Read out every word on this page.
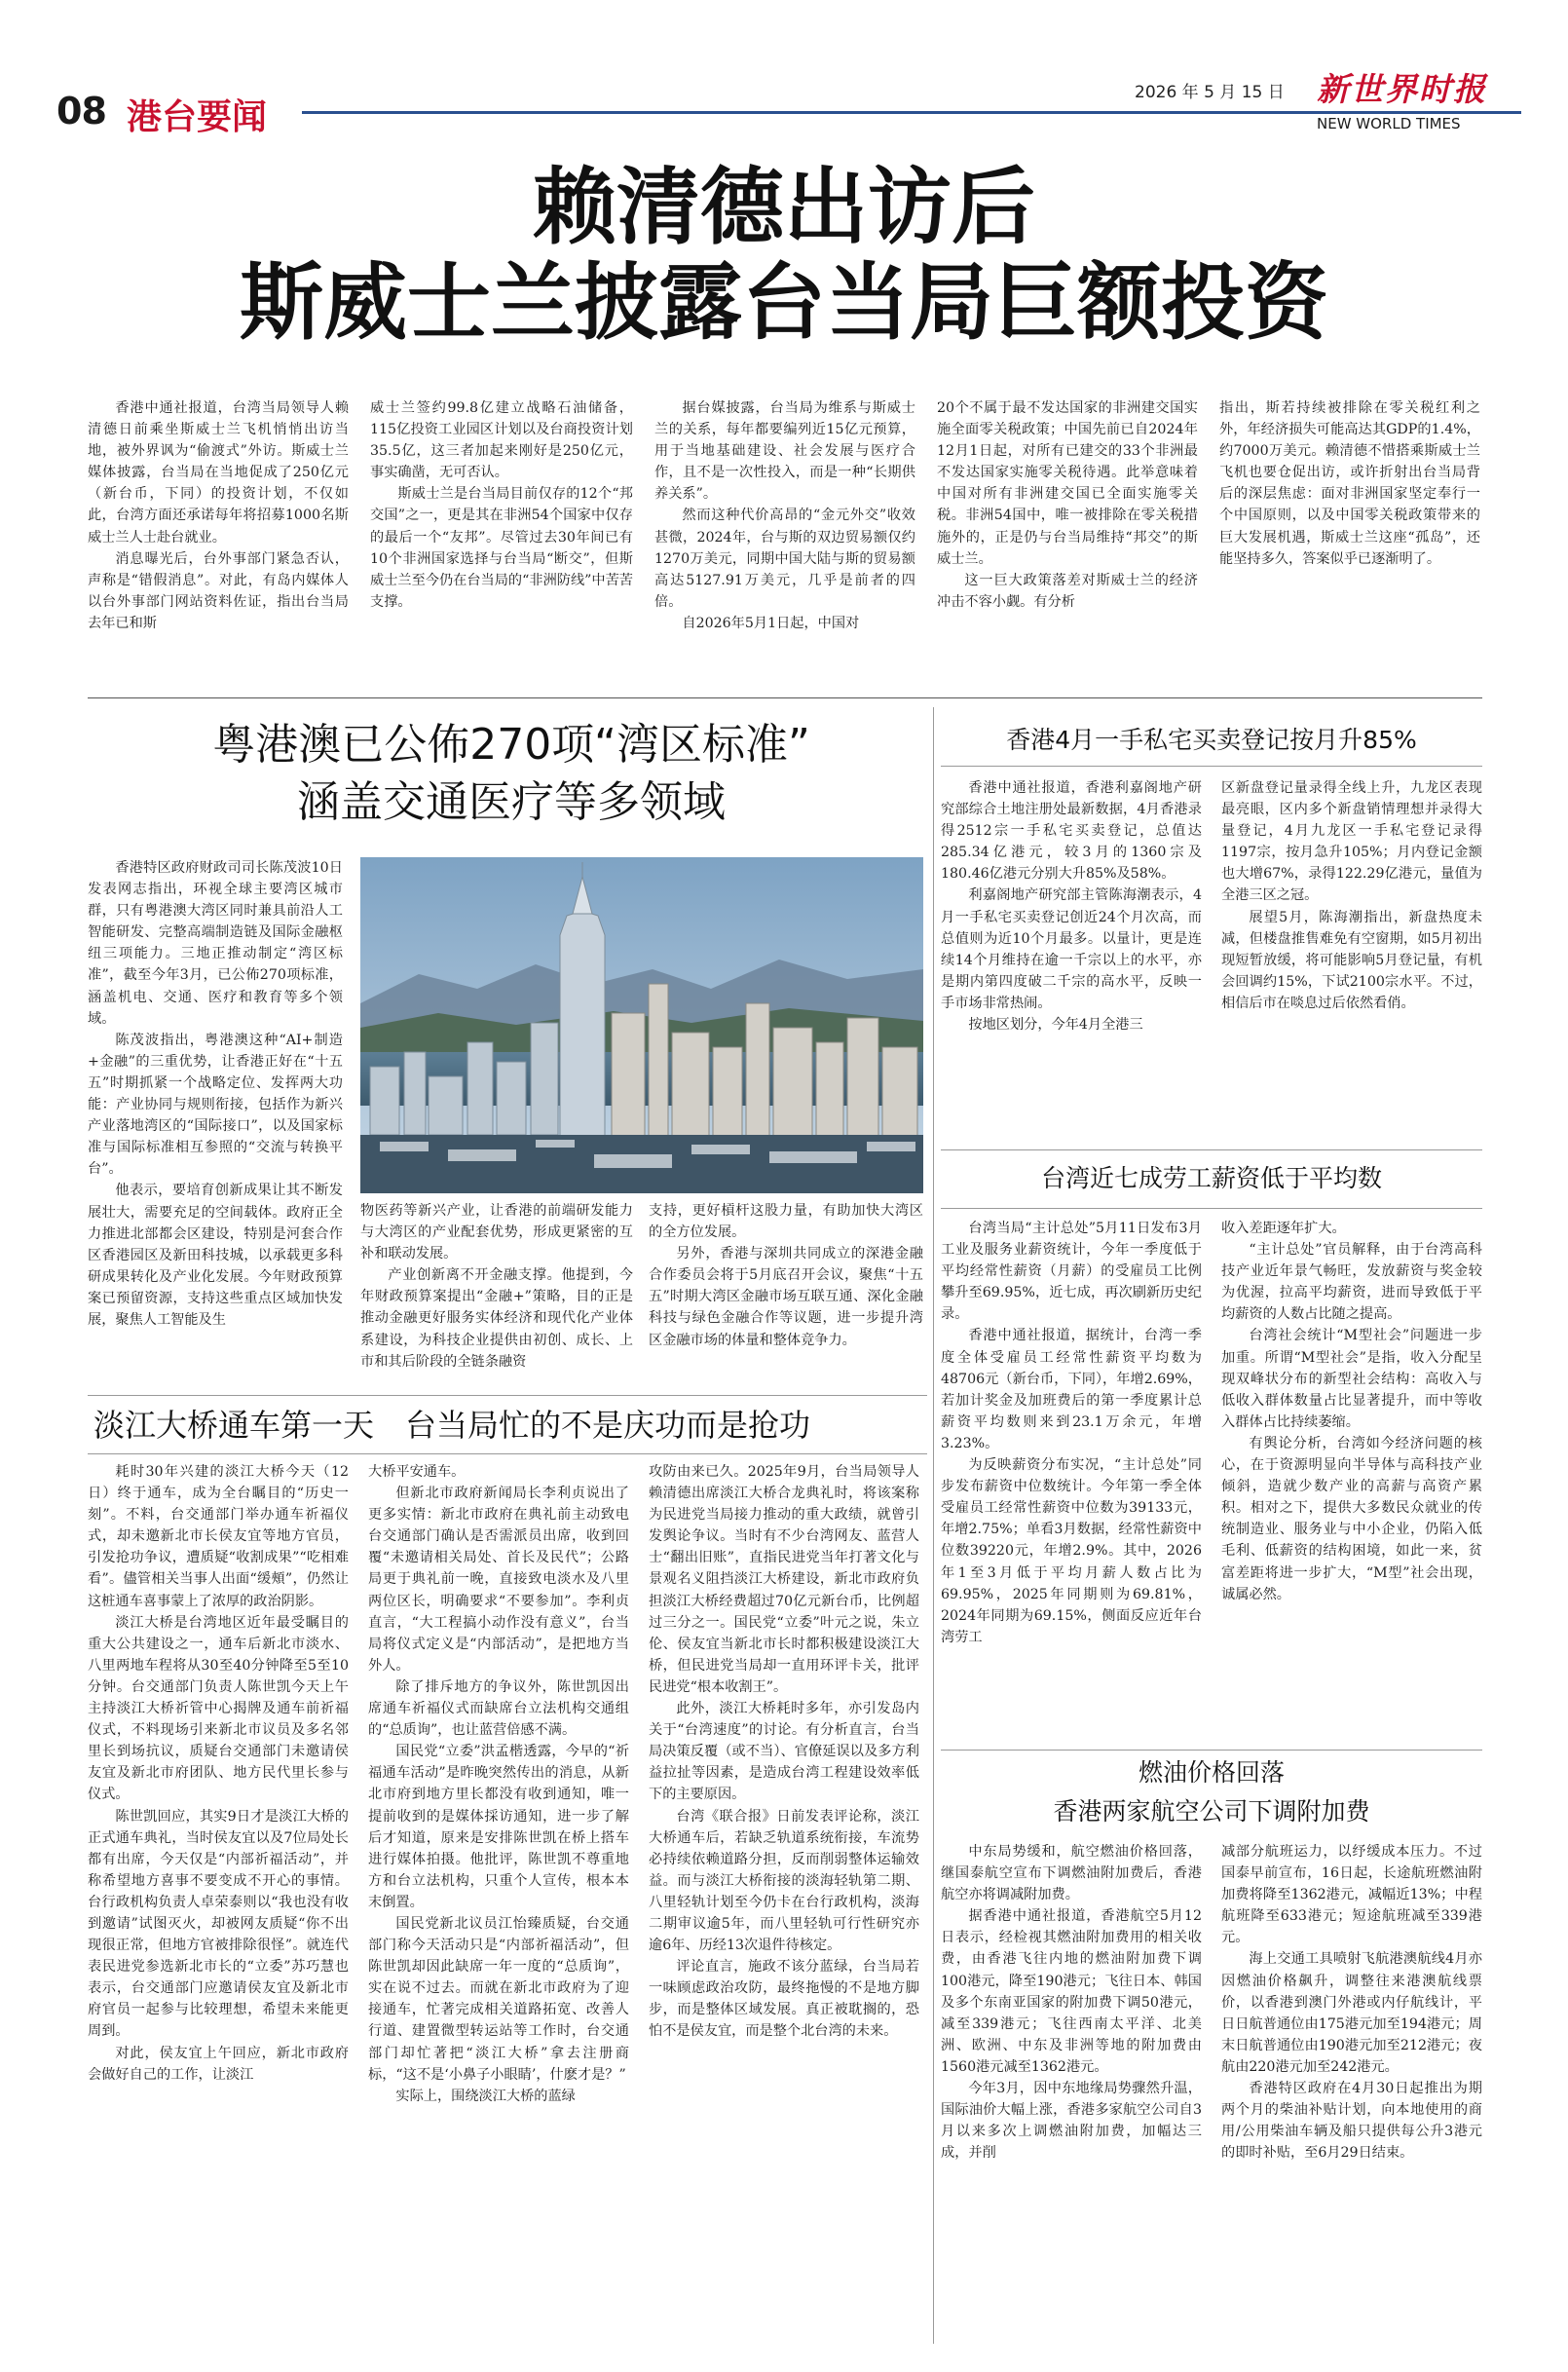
08 港台要闻
2026 年 5 月 15 日 新世界时报
NEW WORLD TIMES
赖清德出访后
斯威士兰披露台当局巨额投资

香港中通社报道，台湾当局领导人赖清德日前乘坐斯威士兰飞机悄悄出访当地，被外界讽为“偷渡式”外访。斯威士兰媒体披露，台当局在当地促成了250亿元（新台币，下同）的投资计划，不仅如此，台湾方面还承诺每年将招募1000名斯威士兰人士赴台就业。

消息曝光后，台外事部门紧急否认，声称是“错假消息”。对此，有岛内媒体人以台外事部门网站资料佐证，指出台当局去年已和斯

威士兰签约99.8亿建立战略石油储备，115亿投资工业园区计划以及台商投资计划35.5亿，这三者加起来刚好是250亿元，事实确凿，无可否认。

斯威士兰是台当局目前仅存的12个“邦交国”之一，更是其在非洲54个国家中仅存的最后一个“友邦”。尽管过去30年间已有10个非洲国家选择与台当局“断交”，但斯威士兰至今仍在台当局的“非洲防线”中苦苦支撑。

据台媒披露，台当局为维系与斯威士兰的关系，每年都要编列近15亿元预算，用于当地基础建设、社会发展与医疗合作，且不是一次性投入，而是一种“长期供养关系”。

然而这种代价高昂的“金元外交”收效甚微，2024年，台与斯的双边贸易额仅约1270万美元，同期中国大陆与斯的贸易额高达5127.91万美元，几乎是前者的四倍。

自2026年5月1日起，中国对

20个不属于最不发达国家的非洲建交国实施全面零关税政策；中国先前已自2024年12月1日起，对所有已建交的33个非洲最不发达国家实施零关税待遇。此举意味着中国对所有非洲建交国已全面实施零关税。非洲54国中，唯一被排除在零关税措施外的，正是仍与台当局维持“邦交”的斯威士兰。

这一巨大政策落差对斯威士兰的经济冲击不容小觑。有分析

指出，斯若持续被排除在零关税红利之外，年经济损失可能高达其GDP的1.4%，约7000万美元。赖清德不惜搭乘斯威士兰飞机也要仓促出访，或许折射出台当局背后的深层焦虑：面对非洲国家坚定奉行一个中国原则，以及中国零关税政策带来的巨大发展机遇，斯威士兰这座“孤岛”，还能坚持多久，答案似乎已逐渐明了。

粤港澳已公佈270项“湾区标准”
涵盖交通医疗等多领域

香港特区政府财政司司长陈茂波10日发表网志指出，环视全球主要湾区城市群，只有粤港澳大湾区同时兼具前沿人工智能研发、完整高端制造链及国际金融枢纽三项能力。三地正推动制定“湾区标准”，截至今年3月，已公佈270项标准，涵盖机电、交通、医疗和教育等多个领域。

陈茂波指出，粤港澳这种“AI+制造+金融”的三重优势，让香港正好在“十五五”时期抓紧一个战略定位、发挥两大功能：产业协同与规则衔接，包括作为新兴产业落地湾区的“国际接口”，以及国家标准与国际标准相互参照的“交流与转换平台”。

他表示，要培育创新成果让其不断发展壮大，需要充足的空间载体。政府正全力推进北部都会区建设，特别是河套合作区香港园区及新田科技城，以承载更多科研成果转化及产业化发展。今年财政预算案已预留资源，支持这些重点区域加快发展，聚焦人工智能及生

物医药等新兴产业，让香港的前端研发能力与大湾区的产业配套优势，形成更紧密的互补和联动发展。

产业创新离不开金融支撑。他提到，今年财政预算案提出“金融+”策略，目的正是推动金融更好服务实体经济和现代化产业体系建设，为科技企业提供由初创、成长、上市和其后阶段的全链条融资

支持，更好槓杆这股力量，有助加快大湾区的全方位发展。

另外，香港与深圳共同成立的深港金融合作委员会将于5月底召开会议，聚焦“十五五”时期大湾区金融市场互联互通、深化金融科技与绿色金融合作等议题，进一步提升湾区金融市场的体量和整体竞争力。

香港4月一手私宅买卖登记按月升85%

香港中通社报道，香港利嘉阁地产研究部综合土地注册处最新数据，4月香港录得2512宗一手私宅买卖登记，总值达285.34亿港元，较3月的1360宗及180.46亿港元分别大升85%及58%。

利嘉阁地产研究部主管陈海潮表示，4月一手私宅买卖登记创近24个月次高，而总值则为近10个月最多。以量计，更是连续14个月维持在逾一千宗以上的水平，亦是期内第四度破二千宗的高水平，反映一手市场非常热闹。

按地区划分，今年4月全港三

区新盘登记量录得全线上升，九龙区表现最亮眼，区内多个新盘销情理想并录得大量登记，4月九龙区一手私宅登记录得1197宗，按月急升105%；月内登记金额也大增67%，录得122.29亿港元，量值为全港三区之冠。

展望5月，陈海潮指出，新盘热度未减，但楼盘推售难免有空窗期，如5月初出现短暂放缓，将可能影响5月登记量，有机会回调约15%，下试2100宗水平。不过，相信后市在啖息过后依然看俏。

淡江大桥通车第一天　台当局忙的不是庆功而是抢功

耗时30年兴建的淡江大桥今天（12日）终于通车，成为全台瞩目的“历史一刻”。不料，台交通部门举办通车祈福仪式，却未邀新北市长侯友宜等地方官员，引发抢功争议，遭质疑“收割成果”“吃相难看”。儘管相关当事人出面“缓頰”，仍然让这桩通车喜事蒙上了浓厚的政治阴影。

淡江大桥是台湾地区近年最受瞩目的重大公共建设之一，通车后新北市淡水、八里两地车程将从30至40分钟降至5至10分钟。台交通部门负责人陈世凯今天上午主持淡江大桥祈管中心揭牌及通车前祈福仪式，不料现场引来新北市议员及多名邻里长到场抗议，质疑台交通部门未邀请侯友宜及新北市府团队、地方民代里长参与仪式。

陈世凯回应，其实9日才是淡江大桥的正式通车典礼，当时侯友宜以及7位局处长都有出席，今天仅是“内部祈福活动”，并称希望地方喜事不要变成不开心的事情。台行政机构负责人卓荣泰则以“我也没有收到邀请”试图灭火，却被网友质疑“你不出现很正常，但地方官被排除很怪”。就连代表民进党参选新北市长的“立委”苏巧慧也表示，台交通部门应邀请侯友宜及新北市府官员一起参与比较理想，希望未来能更周到。

对此，侯友宜上午回应，新北市政府会做好自己的工作，让淡江

大桥平安通车。

但新北市政府新闻局长李利贞说出了更多实情：新北市政府在典礼前主动致电台交通部门确认是否需派员出席，收到回覆“未邀请相关局处、首长及民代”；公路局更于典礼前一晚，直接致电淡水及八里两位区长，明确要求“不要参加”。李利贞直言，“大工程搞小动作没有意义”，台当局将仪式定义是“内部活动”，是把地方当外人。

除了排斥地方的争议外，陈世凯因出席通车祈福仪式而缺席台立法机构交通组的“总质询”，也让蓝营倍感不满。

国民党“立委”洪孟楷透露，今早的“祈福通车活动”是昨晚突然传出的消息，从新北市府到地方里长都没有收到通知，唯一提前收到的是媒体採访通知，进一步了解后才知道，原来是安排陈世凯在桥上搭车进行媒体拍摄。他批评，陈世凯不尊重地方和台立法机构，只重个人宣传，根本本末倒置。

国民党新北议员江怡臻质疑，台交通部门称今天活动只是“内部祈福活动”，但陈世凯却因此缺席一年一度的“总质询”，实在说不过去。而就在新北市政府为了迎接通车，忙著完成相关道路拓宽、改善人行道、建置微型转运站等工作时，台交通部门却忙著把“淡江大桥”拿去注册商标，“这不是‘小鼻子小眼睛’，什麽才是？”

实际上，围绕淡江大桥的蓝绿

攻防由来已久。2025年9月，台当局领导人赖清德出席淡江大桥合龙典礼时，将该案称为民进党当局接力推动的重大政绩，就曾引发舆论争议。当时有不少台湾网友、蓝营人士“翻出旧账”，直指民进党当年打著文化与景观名义阻挡淡江大桥建设，新北市政府负担淡江大桥经费超过70亿元新台币，比例超过三分之一。国民党“立委”叶元之说，朱立伦、侯友宜当新北市长时都积极建设淡江大桥，但民进党当局却一直用环评卡关，批评民进党“根本收割王”。

此外，淡江大桥耗时多年，亦引发岛内关于“台湾速度”的讨论。有分析直言，台当局决策反覆（或不当）、官僚延误以及多方利益拉扯等因素，是造成台湾工程建设效率低下的主要原因。

台湾《联合报》日前发表评论称，淡江大桥通车后，若缺乏轨道系统衔接，车流势必持续依赖道路分担，反而削弱整体运输效益。而与淡江大桥衔接的淡海轻轨第二期、八里轻轨计划至今仍卡在台行政机构，淡海二期审议逾5年，而八里轻轨可行性研究亦逾6年、历经13次退件待核定。

评论直言，施政不该分蓝绿，台当局若一味顾虑政治攻防，最终拖慢的不是地方脚步，而是整体区域发展。真正被耽搁的，恐怕不是侯友宜，而是整个北台湾的未来。

台湾近七成劳工薪资低于平均数

台湾当局“主计总处”5月11日发布3月工业及服务业薪资统计，今年一季度低于平均经常性薪资（月薪）的受雇员工比例攀升至69.95%，近七成，再次刷新历史纪录。

香港中通社报道，据统计，台湾一季度全体受雇员工经常性薪资平均数为48706元（新台币，下同），年增2.69%，若加计奖金及加班费后的第一季度累计总薪资平均数则来到23.1万余元，年增3.23%。

为反映薪资分布实况，“主计总处”同步发布薪资中位数统计。今年第一季全体受雇员工经常性薪资中位数为39133元，年增2.75%；单看3月数据，经常性薪资中位数39220元，年增2.9%。其中，2026年1至3月低于平均月薪人数占比为69.95%，2025年同期则为69.81%，2024年同期为69.15%，侧面反应近年台湾劳工

收入差距逐年扩大。

“主计总处”官员解释，由于台湾高科技产业近年景气畅旺，发放薪资与奖金较为优渥，拉高平均薪资，进而导致低于平均薪资的人数占比随之提高。

台湾社会统计“M型社会”问题进一步加重。所谓“M型社会”是指，收入分配呈现双峰状分布的新型社会结构：高收入与低收入群体数量占比显著提升，而中等收入群体占比持续萎缩。

有舆论分析，台湾如今经济问题的核心，在于资源明显向半导体与高科技产业倾斜，造就少数产业的高薪与高资产累积。相对之下，提供大多数民众就业的传统制造业、服务业与中小企业，仍陷入低毛利、低薪资的结构困境，如此一来，贫富差距将进一步扩大，“M型”社会出现，诚属必然。

燃油价格回落
香港两家航空公司下调附加费

中东局势缓和，航空燃油价格回落，继国泰航空宣布下调燃油附加费后，香港航空亦将调减附加费。

据香港中通社报道，香港航空5月12日表示，经检视其燃油附加费用的相关收费，由香港飞往内地的燃油附加费下调100港元，降至190港元；飞往日本、韩国及多个东南亚国家的附加费下调50港元，减至339港元；飞往西南太平洋、北美洲、欧洲、中东及非洲等地的附加费由1560港元减至1362港元。

今年3月，因中东地缘局势骤然升温，国际油价大幅上涨，香港多家航空公司自3月以来多次上调燃油附加费，加幅达三成，并削

减部分航班运力，以纾缓成本压力。不过国泰早前宣布，16日起，长途航班燃油附加费将降至1362港元，减幅近13%；中程航班降至633港元；短途航班减至339港元。

海上交通工具喷射飞航港澳航线4月亦因燃油价格飙升，调整往来港澳航线票价，以香港到澳门外港或内仔航线计，平日日航普通位由175港元加至194港元；周末日航普通位由190港元加至212港元；夜航由220港元加至242港元。

香港特区政府在4月30日起推出为期两个月的柴油补贴计划，向本地使用的商用/公用柴油车辆及船只提供每公升3港元的即时补贴，至6月29日结束。
